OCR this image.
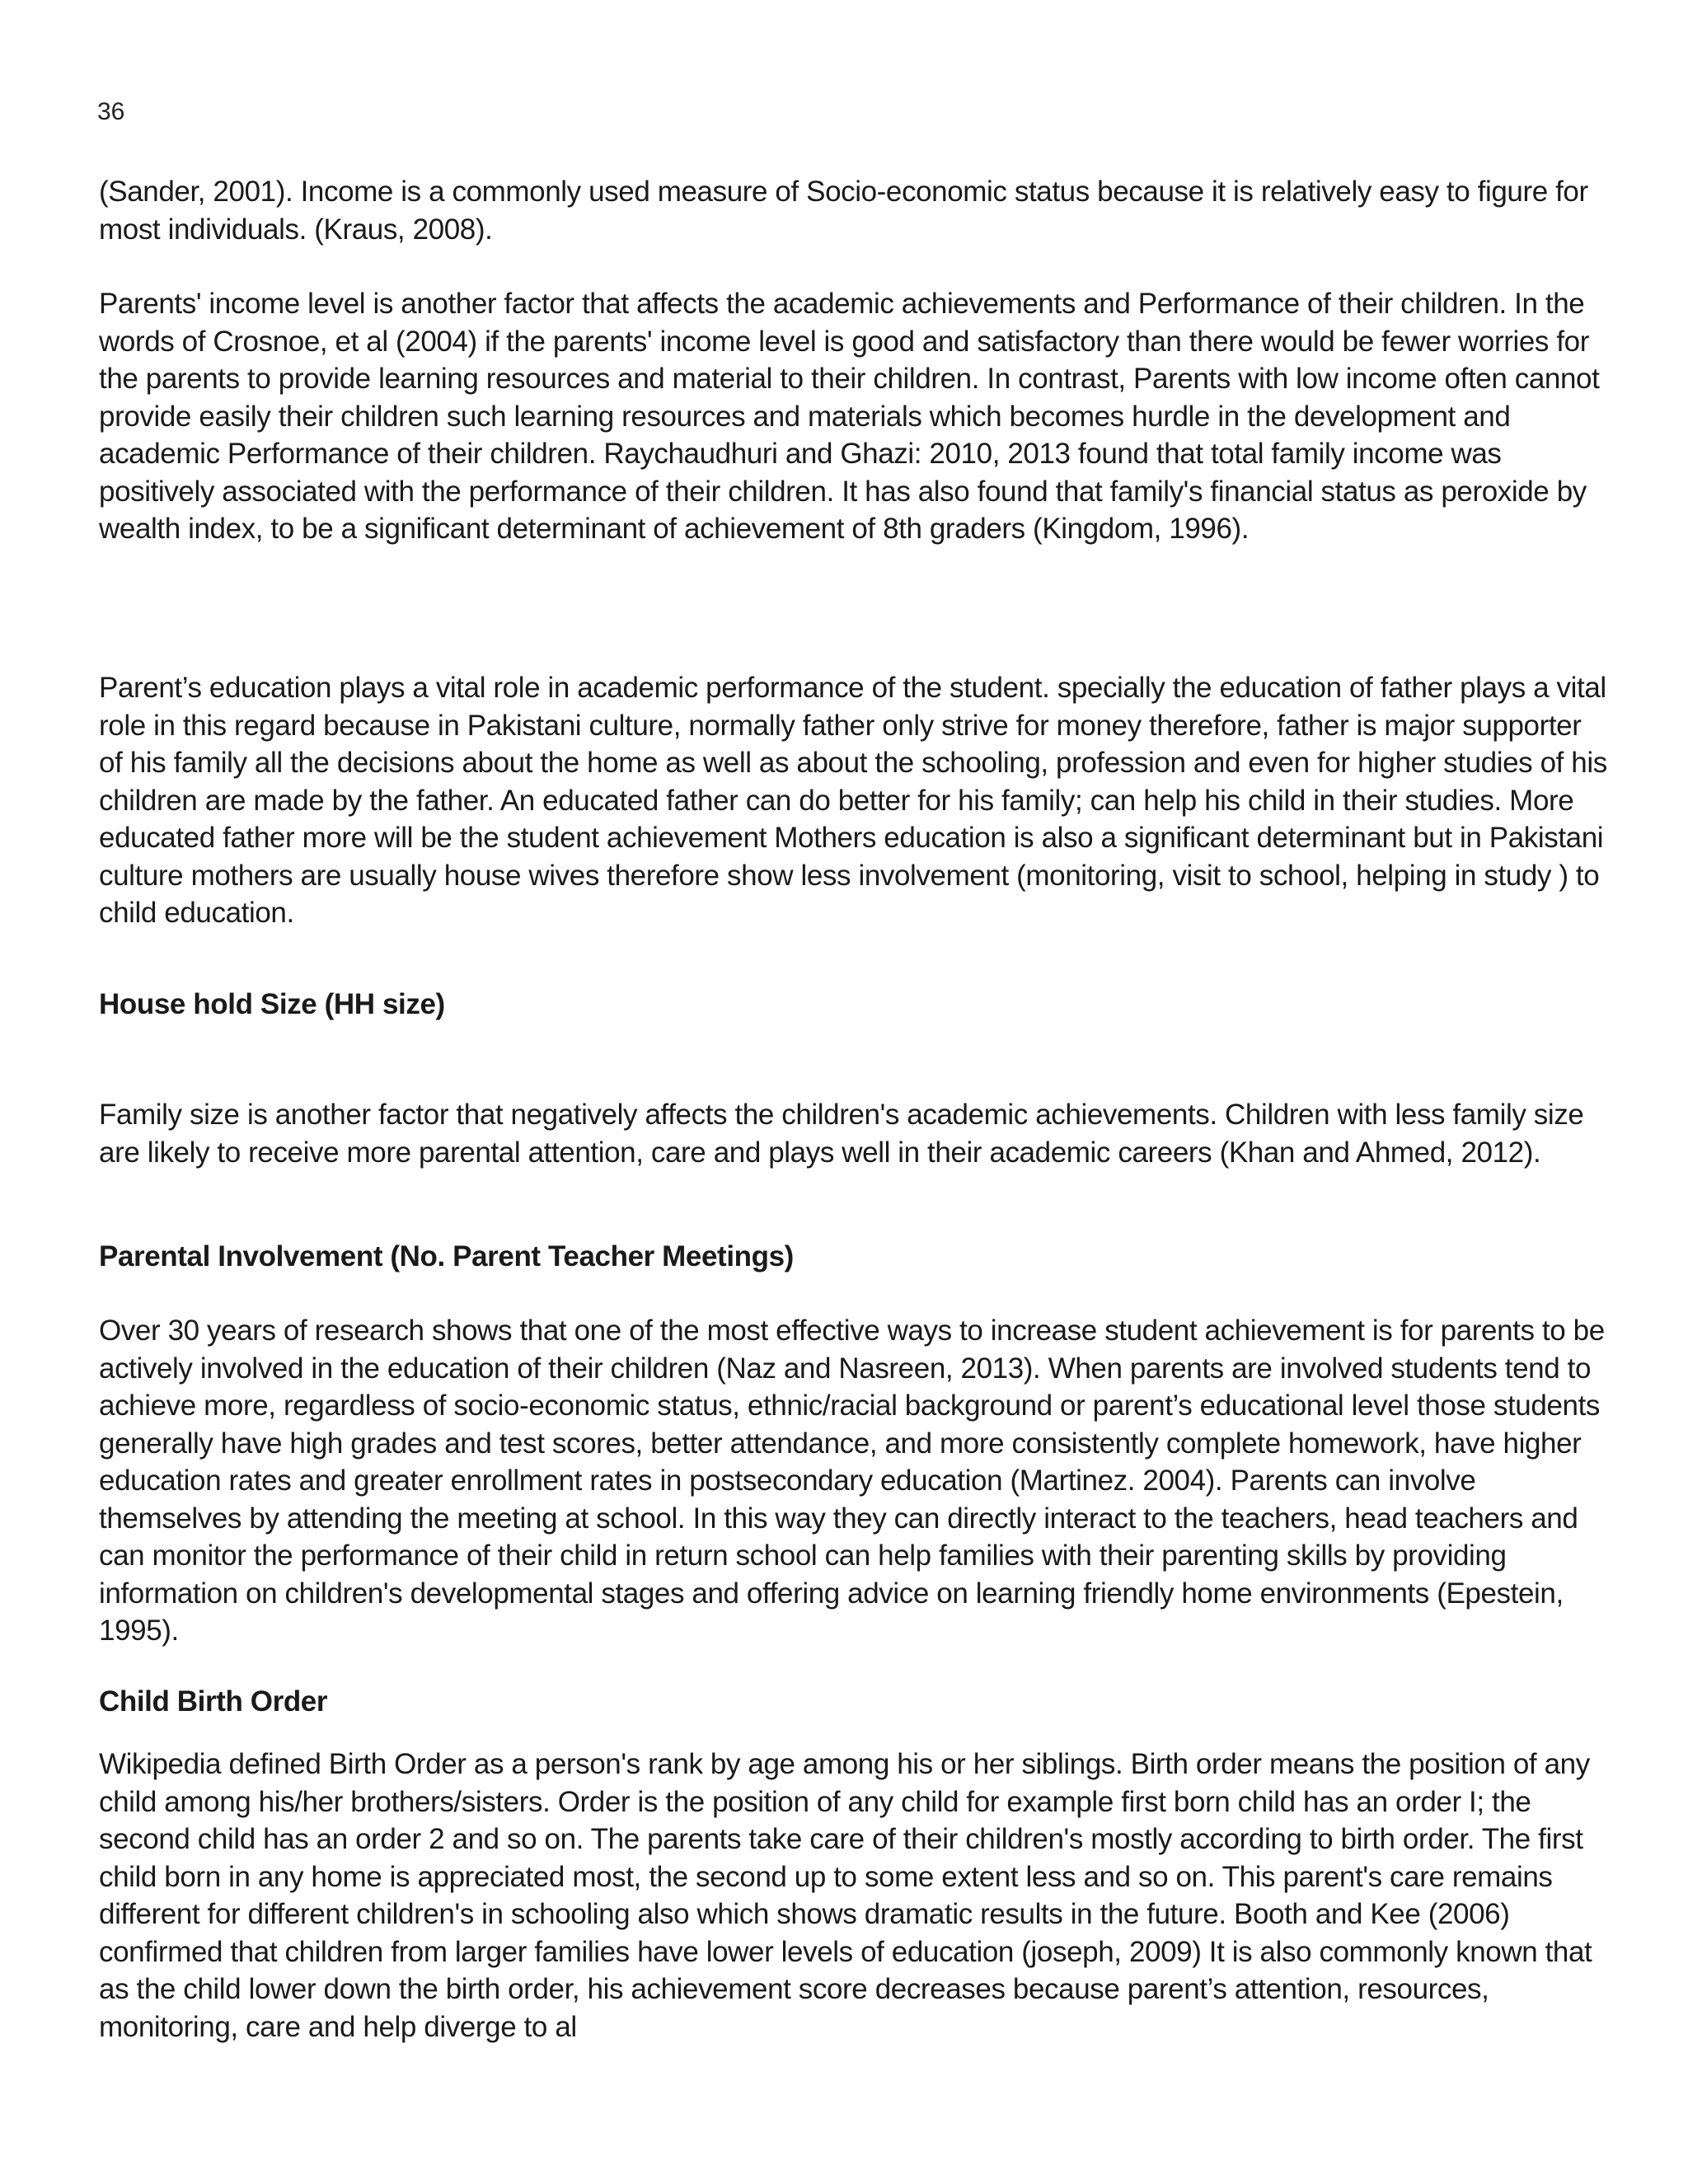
36

(Sander, 2001). Income is a commonly used measure of Socio-economic status because it is relatively easy to figure for most individuals. (Kraus, 2008).

Parents' income level is another factor that affects the academic achievements and Performance of their children. In the words of Crosnoe, et al (2004) if the parents' income level is good and satisfactory than there would be fewer worries for the parents to provide learning resources and material to their children. In contrast, Parents with low income often cannot provide easily their children such learning resources and materials which becomes hurdle in the development and academic Performance of their children. Raychaudhuri and Ghazi: 2010, 2013 found that total family income was positively associated with the performance of their children. It has also found that family's financial status as peroxide by wealth index, to be a significant determinant of achievement of 8th graders (Kingdom, 1996).

Parent’s education plays a vital role in academic performance of the student. specially the education of father plays a vital role in this regard because in Pakistani culture, normally father only strive for money therefore, father is major supporter of his family all the decisions about the home as well as about the schooling, profession and even for higher studies of his children are made by the father. An educated father can do better for his family; can help his child in their studies. More educated father more will be the student achievement Mothers education is also a significant determinant but in Pakistani culture mothers are usually house wives therefore show less involvement (monitoring, visit to school, helping in study ) to child education.

House hold Size (HH size)

Family size is another factor that negatively affects the children's academic achievements. Children with less family size are likely to receive more parental attention, care and plays well in their academic careers (Khan and Ahmed, 2012).

Parental Involvement (No. Parent Teacher Meetings)

Over 30 years of research shows that one of the most effective ways to increase student achievement is for parents to be actively involved in the education of their children (Naz and Nasreen, 2013). When parents are involved students tend to achieve more, regardless of socio-economic status, ethnic/racial background or parent’s educational level those students generally have high grades and test scores, better attendance, and more consistently complete homework, have higher education rates and greater enrollment rates in postsecondary education (Martinez. 2004). Parents can involve themselves by attending the meeting at school. In this way they can directly interact to the teachers, head teachers and can monitor the performance of their child in return school can help families with their parenting skills by providing information on children's developmental stages and offering advice on learning friendly home environments (Epestein, 1995).

Child Birth Order

Wikipedia defined Birth Order as a person's rank by age among his or her siblings. Birth order means the position of any child among his/her brothers/sisters. Order is the position of any child for example first born child has an order I; the second child has an order 2 and so on. The parents take care of their children's mostly according to birth order. The first child born in any home is appreciated most, the second up to some extent less and so on. This parent's care remains different for different children's in schooling also which shows dramatic results in the future. Booth and Kee (2006) confirmed that children from larger families have lower levels of education (joseph, 2009) It is also commonly known that as the child lower down the birth order, his achievement score decreases because parent’s attention, resources, monitoring, care and help diverge to al
